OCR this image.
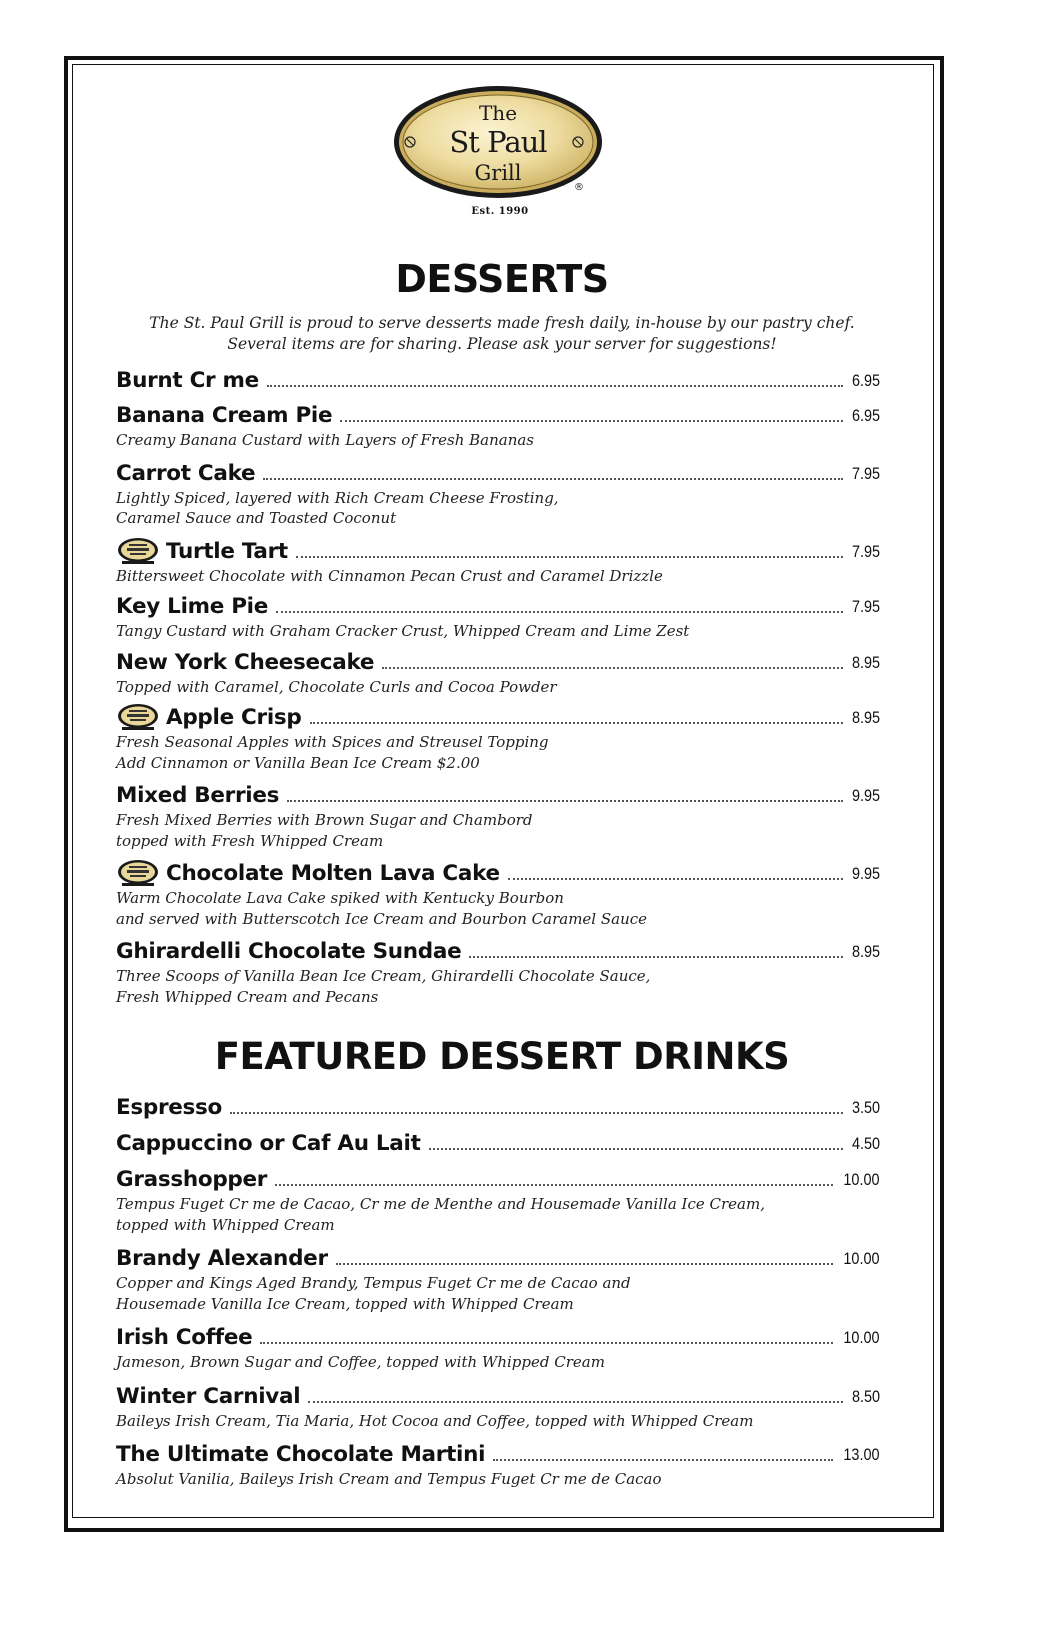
The
St Paul
Grill
®
Est. 1990
DESSERTS
The St. Paul Grill is proud to serve desserts made fresh daily, in-house by our pastry chef.
Several items are for sharing. Please ask your server for suggestions!
Burnt Cr me	6.95
Banana Cream Pie	6.95
Creamy Banana Custard with Layers of Fresh Bananas
Carrot Cake	7.95
Lightly Spiced, layered with Rich Cream Cheese Frosting,
Caramel Sauce and Toasted Coconut
Turtle Tart	7.95
Bittersweet Chocolate with Cinnamon Pecan Crust and Caramel Drizzle
Key Lime Pie	7.95
Tangy Custard with Graham Cracker Crust, Whipped Cream and Lime Zest
New York Cheesecake	8.95
Topped with Caramel, Chocolate Curls and Cocoa Powder
Apple Crisp	8.95
Fresh Seasonal Apples with Spices and Streusel Topping
Add Cinnamon or Vanilla Bean Ice Cream $2.00
Mixed Berries	9.95
Fresh Mixed Berries with Brown Sugar and Chambord
topped with Fresh Whipped Cream
Chocolate Molten Lava Cake	9.95
Warm Chocolate Lava Cake spiked with Kentucky Bourbon
and served with Butterscotch Ice Cream and Bourbon Caramel Sauce
Ghirardelli Chocolate Sundae	8.95
Three Scoops of Vanilla Bean Ice Cream, Ghirardelli Chocolate Sauce,
Fresh Whipped Cream and Pecans
FEATURED DESSERT DRINKS
Espresso	3.50
Cappuccino or Caf Au Lait	4.50
Grasshopper	10.00
Tempus Fuget Cr me de Cacao, Cr me de Menthe and Housemade Vanilla Ice Cream,
topped with Whipped Cream
Brandy Alexander	10.00
Copper and Kings Aged Brandy, Tempus Fuget Cr me de Cacao and
Housemade Vanilla Ice Cream, topped with Whipped Cream
Irish Coffee	10.00
Jameson, Brown Sugar and Coffee, topped with Whipped Cream
Winter Carnival	8.50
Baileys Irish Cream, Tia Maria, Hot Cocoa and Coffee, topped with Whipped Cream
The Ultimate Chocolate Martini	13.00
Absolut Vanilia, Baileys Irish Cream and Tempus Fuget Cr me de Cacao
